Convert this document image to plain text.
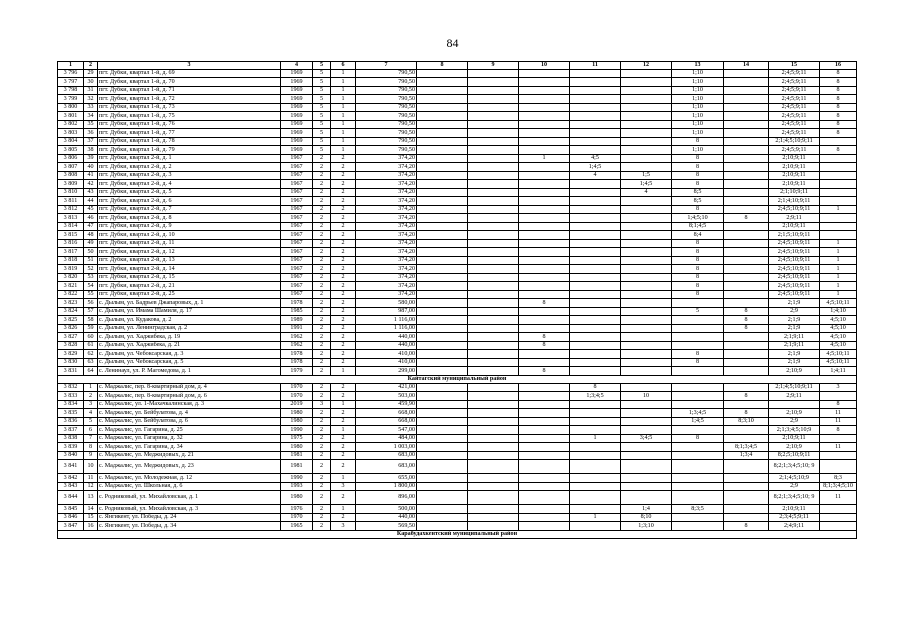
84
1	2	3	4	5	6	7	8	9	10	11	12	13	14	15	16
3 796	29	пгт. Дубки, квартал 1-й, д. 69	1969	5	1	790,50						1;10		2;4;5;9;11	8
3 797	30	пгт. Дубки, квартал 1-й, д. 70	1969	5	1	790,50						1;10		2;4;5;9;11	8
3 798	31	пгт. Дубки, квартал 1-й, д. 71	1969	5	1	790,50						1;10		2;4;5;9;11	8
3 799	32	пгт. Дубки, квартал 1-й, д. 72	1969	5	1	790,50						1;10		2;4;5;9;11	8
3 800	33	пгт. Дубки, квартал 1-й, д. 73	1969	5	1	790,50						1;10		2;4;5;9;11	8
3 801	34	пгт. Дубки, квартал 1-й, д. 75	1969	5	1	790,50						1;10		2;4;5;9;11	8
3 802	35	пгт. Дубки, квартал 1-й, д. 76	1969	5	1	790,50						1;10		2;4;5;9;11	8
3 803	36	пгт. Дубки, квартал 1-й, д. 77	1969	5	1	790,50						1;10		2;4;5;9;11	8
3 804	37	пгт. Дубки, квартал 1-й, д. 78	1969	5	1	790,50						8		2;1;4;5;10;9;11	
3 805	38	пгт. Дубки, квартал 1-й, д. 79	1969	5	1	790,50						1;10		2;4;5;9;11	8
3 806	39	пгт. Дубки, квартал 2-й, д. 1	1967	2	2	374,20			1	4;5		8		2;10;9;11	
3 807	40	пгт. Дубки, квартал 2-й, д. 2	1967	2	2	374,20				1;4;5		8		2;10;9;11	
3 808	41	пгт. Дубки, квартал 2-й, д. 3	1967	2	2	374,20				4	1;5	8		2;10;9;11	
3 809	42	пгт. Дубки, квартал 2-й, д. 4	1967	2	2	374,20					1;4;5	8		2;10;9;11	
3 810	43	пгт. Дубки, квартал 2-й, д. 5	1967	2	2	374,20					4	8;5		2;1;10;9;11	
3 811	44	пгт. Дубки, квартал 2-й, д. 6	1967	2	2	374,20						8;5		2;1;4;10;9;11	
3 812	45	пгт. Дубки, квартал 2-й, д. 7	1967	2	2	374,20						8		2;4;5;10;9;11	1
3 813	46	пгт. Дубки, квартал 2-й, д. 8	1967	2	2	374,20						1;4;5;10	8	2;9;11	
3 814	47	пгт. Дубки, квартал 2-й, д. 9	1967	2	2	374,20						8;1;4;5		2;10;9;11	
3 815	48	пгт. Дубки, квартал 2-й, д. 10	1967	2	2	374,20						8;4		2;1;5;10;9;11	
3 816	49	пгт. Дубки, квартал 2-й, д. 11	1967	2	2	374,20						8		2;4;5;10;9;11	1
3 817	50	пгт. Дубки, квартал 2-й, д. 12	1967	2	2	374,20						8		2;4;5;10;9;11	1
3 818	51	пгт. Дубки, квартал 2-й, д. 13	1967	2	2	374,20						8		2;4;5;10;9;11	1
3 819	52	пгт. Дубки, квартал 2-й, д. 14	1967	2	2	374,20						8		2;4;5;10;9;11	1
3 820	53	пгт. Дубки, квартал 2-й, д. 15	1967	2	2	374,20						8		2;4;5;10;9;11	1
3 821	54	пгт. Дубки, квартал 2-й, д. 21	1967	2	2	374,20						8		2;4;5;10;9;11	1
3 822	55	пгт. Дубки, квартал 2-й, д. 25	1967	2	2	374,20						8		2;4;5;10;9;11	1
3 823	56	с. Дылым, ул. Бадрьев Джапаровых, д. 1	1978	2	2	580,00			8					2;1;9	4;5;10;11
3 824	57	с. Дылым, ул. Имама Шамиля, д. 17	1985	2	2	987,00						5	8	2;9	1;4;10
3 825	58	с. Дылым, ул. Кудакова, д. 2	1989	2	2	1 116,00							8	2;1;9	4;5;10
3 826	59	с. Дылым, ул. Ленинградская, д. 2	1991	2	2	1 116,00							8	2;1;9	4;5;10
3 827	60	с. Дылым, ул. Хаджибека, д. 19	1962	2	2	440,00			8					2;1;9;11	4;5;10
3 828	61	с. Дылым, ул. Хаджибека, д. 21	1962	2	2	440,00			8					2;1;9;11	4;5;10
3 829	62	с. Дылым, ул. Чебоксарская, д. 3	1978	2	2	410,00						8		2;1;9	4;5;10;11
3 830	63	с. Дылым, ул. Чебоксарская, д. 5	1978	2	2	410,00						8		2;1;9	4;5;10;11
3 831	64	с. Ленинаул, ул. Р. Магомедова, д. 1	1979	2	1	299,00			8					2;10;9	1;4;11
Кайтагский муниципальный район															
3 832	1	с. Маджалис, пер. 8-квартирный дом, д. 4	1970	2	2	421,00				8				2;1;4;5;10;9;11	3
3 833	2	с. Маджалис, пер. 8-квартирный дом, д. 6	1970	2	2	503,00				1;3;4;5	10		8	2;9;11	
3 834	3	с. Маджалис, ул. 1-Махачкалинская, д. 3	2019	3	1	459,90									8
3 835	4	с. Маджалис, ул. Бейбулатова, д. 4	1980	2	2	668,00						1;3;4;5	8	2;10;9	11
3 836	5	с. Маджалис, ул. Бейбулатова, д. 6	1980	2	2	668,00						1;4;5	8;3;10	2;9	11
3 837	6	с. Маджалис, ул. Гагарина, д. 25	1990	2	1	547,00								2;1;3;4;5;10;9	8
3 838	7	с. Маджалис, ул. Гагарина, д. 32	1975	2	2	484,00				1	3;4;5	8		2;10;9;11	
3 839	8	с. Маджалис, ул. Гагарина, д. 34	1980	2	2	1 003,00							8;1;3;4;5	2;10;9	11
3 840	9	с. Маджалис, ул. Меджидовых, д. 21	1981	2	2	683,00							1;3;4	8;2;5;10;9;11	
3 841	10	с. Маджалис, ул. Меджидовых, д. 23	1981	2	2	683,00								8;2;1;3;4;5;10; 9	
3 842	11	с. Маджалис, ул. Молодежная, д. 12	1990	2	1	655,00								2;1;4;5;10;9	8;3
3 843	12	с. Маджалис, ул. Школьная, д. 6	1993	2	3	1 800,00								2;9	8;1;3;4;5;10
3 844	13	с. Родниковый, ул. Михайловская, д. 1	1980	2	2	896,00								8;2;1;3;4;5;10; 9	11
3 845	14	с. Родниковый, ул. Михайловская, д. 3	1976	2	1	500,00					1;4	8;3;5		2;10;9;11	
3 846	15	с. Янгикент, ул. Победы, д. 24	1970	2	2	440,00				1	8;10			2;3;4;5;9;11	
3 847	16	с. Янгикент, ул. Победы, д. 34	1965	2	3	569,50					1;3;10		8	2;4;9;11	
Карабудахкентский муниципальный район															
